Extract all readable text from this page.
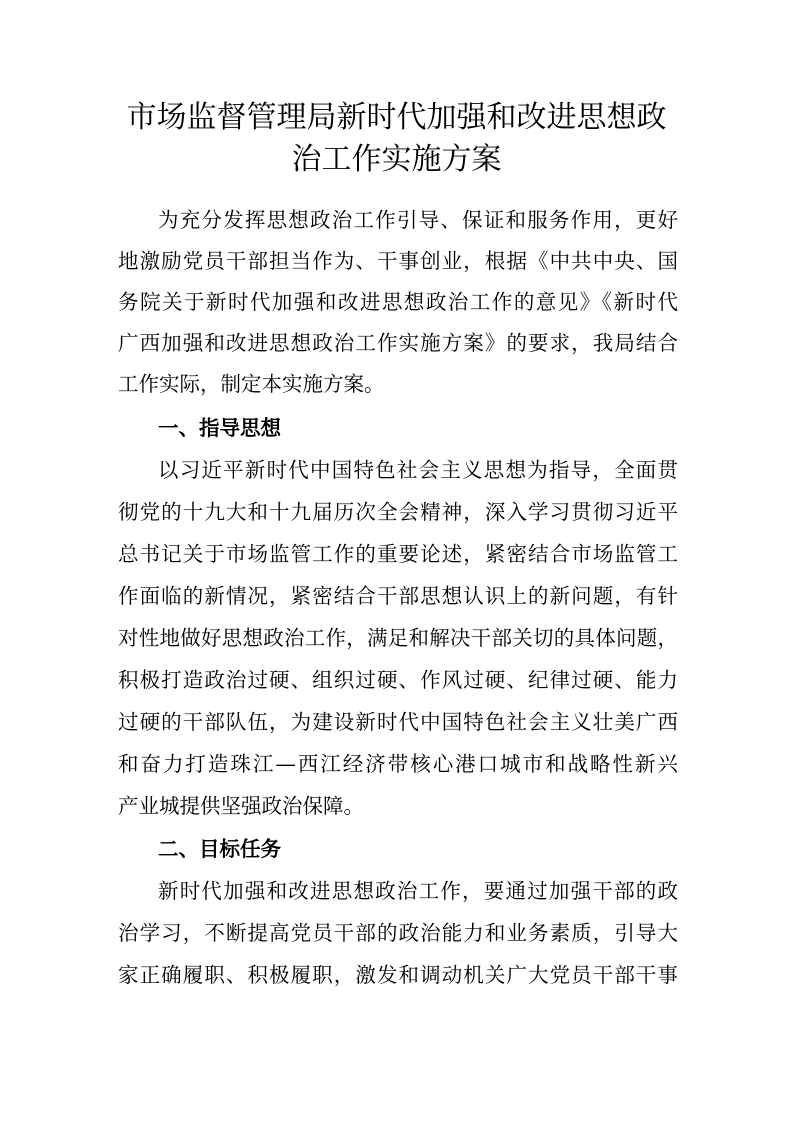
市场监督管理局新时代加强和改进思想政
治工作实施方案
为充分发挥思想政治工作引导、保证和服务作用，更好
地激励党员干部担当作为、干事创业，根据《中共中央、国
务院关于新时代加强和改进思想政治工作的意见》《新时代
广西加强和改进思想政治工作实施方案》的要求，我局结合
工作实际，制定本实施方案。
一、指导思想
以习近平新时代中国特色社会主义思想为指导，全面贯
彻党的十九大和十九届历次全会精神，深入学习贯彻习近平
总书记关于市场监管工作的重要论述，紧密结合市场监管工
作面临的新情况，紧密结合干部思想认识上的新问题，有针
对性地做好思想政治工作，满足和解决干部关切的具体问题，
积极打造政治过硬、组织过硬、作风过硬、纪律过硬、能力
过硬的干部队伍，为建设新时代中国特色社会主义壮美广西
和奋力打造珠江—西江经济带核心港口城市和战略性新兴
产业城提供坚强政治保障。
二、目标任务
新时代加强和改进思想政治工作，要通过加强干部的政
治学习，不断提高党员干部的政治能力和业务素质，引导大
家正确履职、积极履职，激发和调动机关广大党员干部干事
